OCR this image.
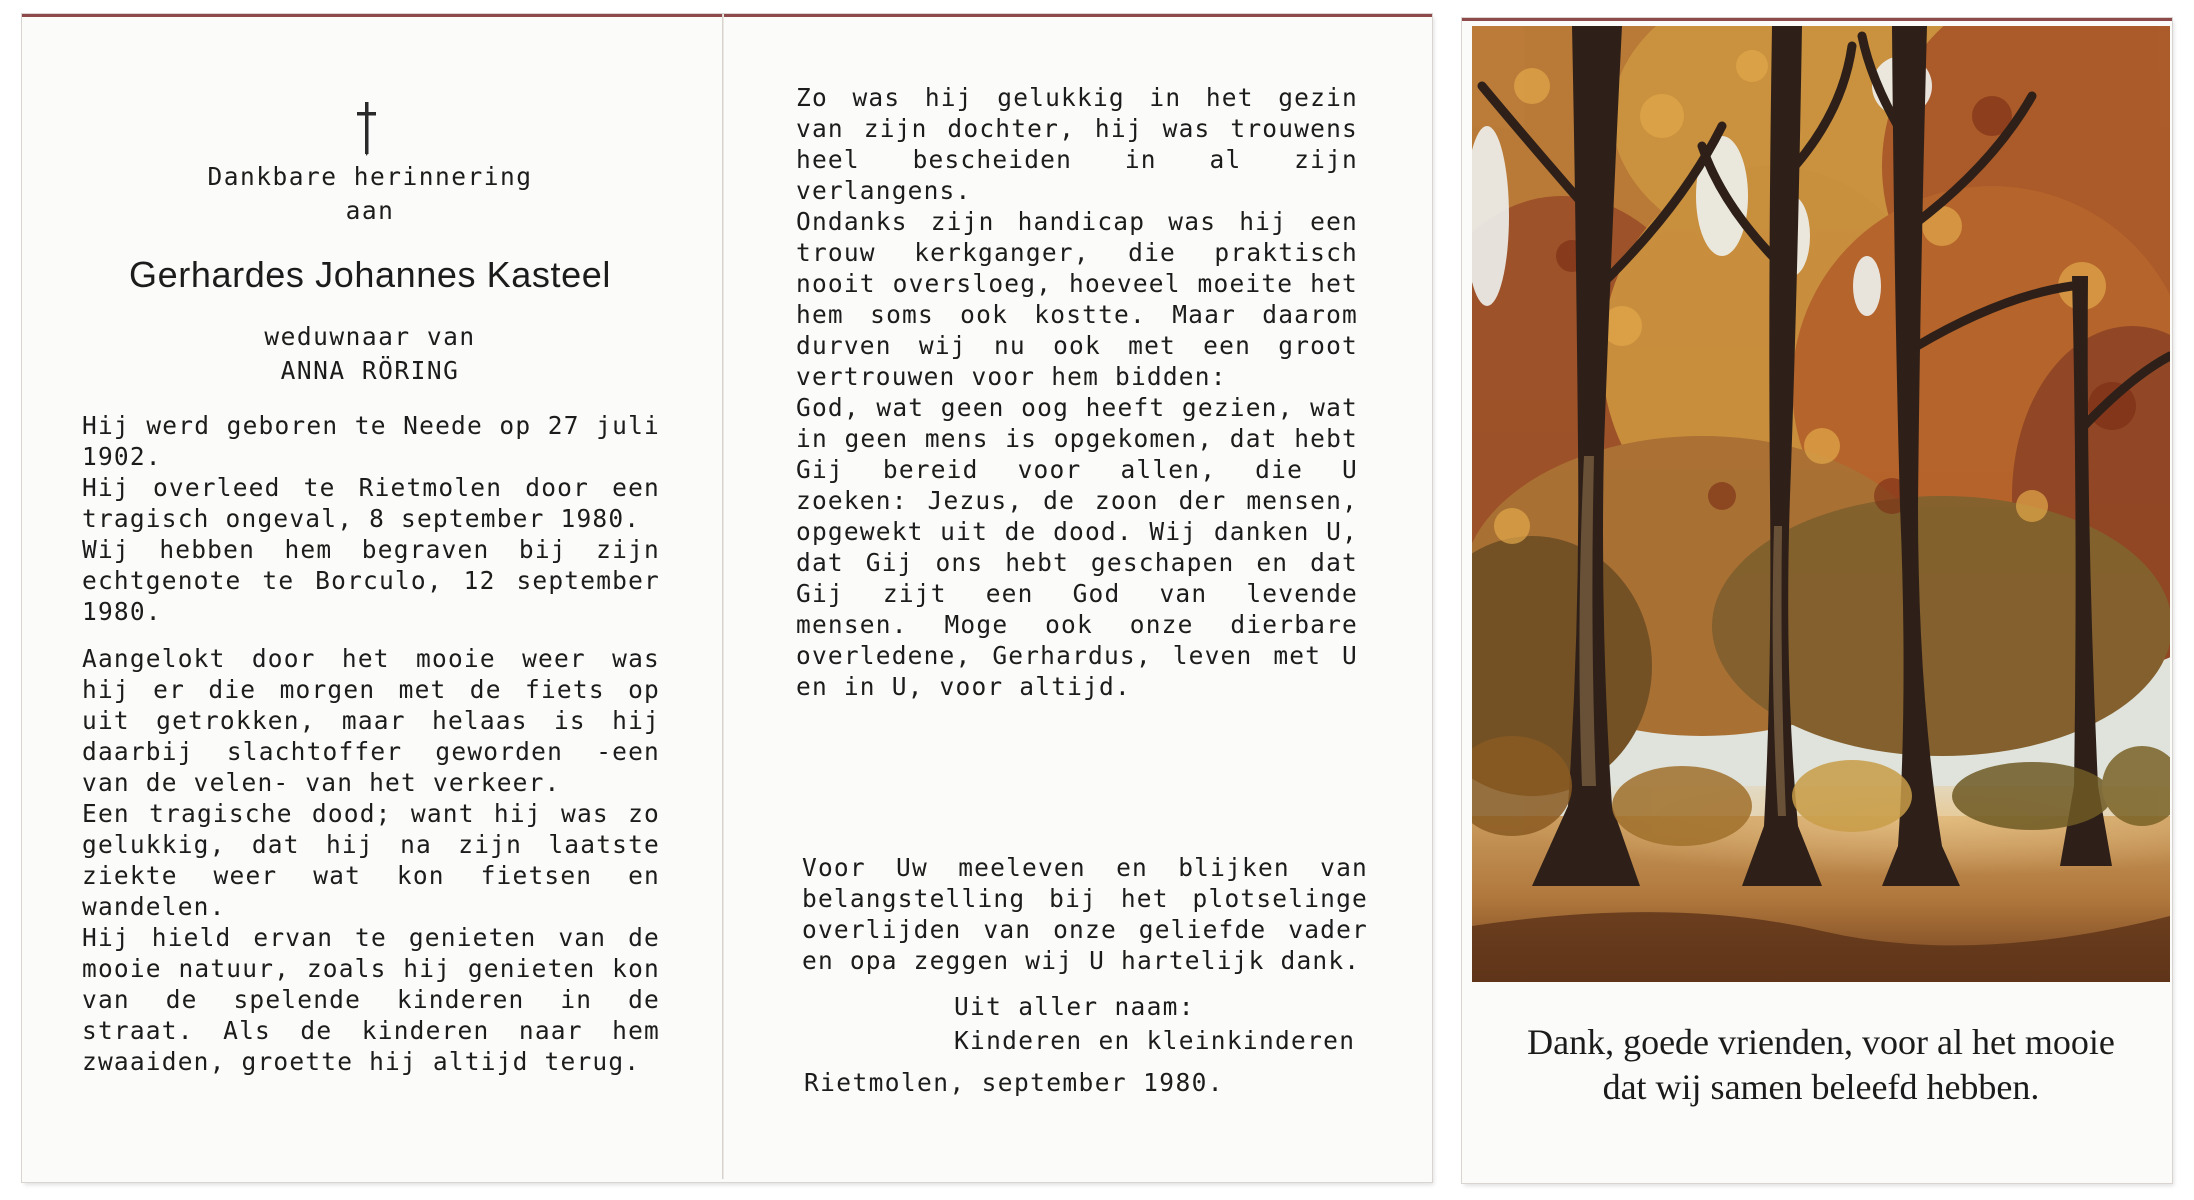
Dankbare herinnering
aan
Gerhardes Johannes Kasteel
weduwnaar van
ANNA RÖRING

Hij werd geboren te Neede op 27 juli 1902.

Hij overleed te Rietmolen door een tragisch ongeval, 8 september 1980.

Wij hebben hem begraven bij zijn echtgenote te Borculo, 12 september 1980.

Aangelokt door het mooie weer was hij er die morgen met de fiets op uit getrokken, maar helaas is hij daarbij slachtoffer geworden -een van de velen- van het verkeer.

Een tragische dood; want hij was zo gelukkig, dat hij na zijn laatste ziekte weer wat kon fietsen en wandelen.

Hij hield ervan te genieten van de mooie natuur, zoals hij genieten kon van de spelende kinderen in de straat. Als de kinderen naar hem zwaaiden, groette hij altijd terug.

Zo was hij gelukkig in het gezin van zijn dochter, hij was trouwens heel bescheiden in al zijn verlangens.

Ondanks zijn handicap was hij een trouw kerkganger, die praktisch nooit oversloeg, hoeveel moeite het hem soms ook kostte. Maar daarom durven wij nu ook met een groot vertrouwen voor hem bidden:

God, wat geen oog heeft gezien, wat in geen mens is opgekomen, dat hebt Gij bereid voor allen, die U zoeken: Jezus, de zoon der mensen, opgewekt uit de dood. Wij danken U, dat Gij ons hebt geschapen en dat Gij zijt een God van levende mensen. Moge ook onze dierbare overledene, Gerhardus, leven met U en in U, voor altijd.

Voor Uw meeleven en blijken van belangstelling bij het plotselinge overlijden van onze geliefde vader en opa zeggen wij U hartelijk dank.

Uit aller naam:
Kinderen en kleinkinderen
Rietmolen, september 1980.
Dank, goede vrienden, voor al het mooie
dat wij samen beleefd hebben.
